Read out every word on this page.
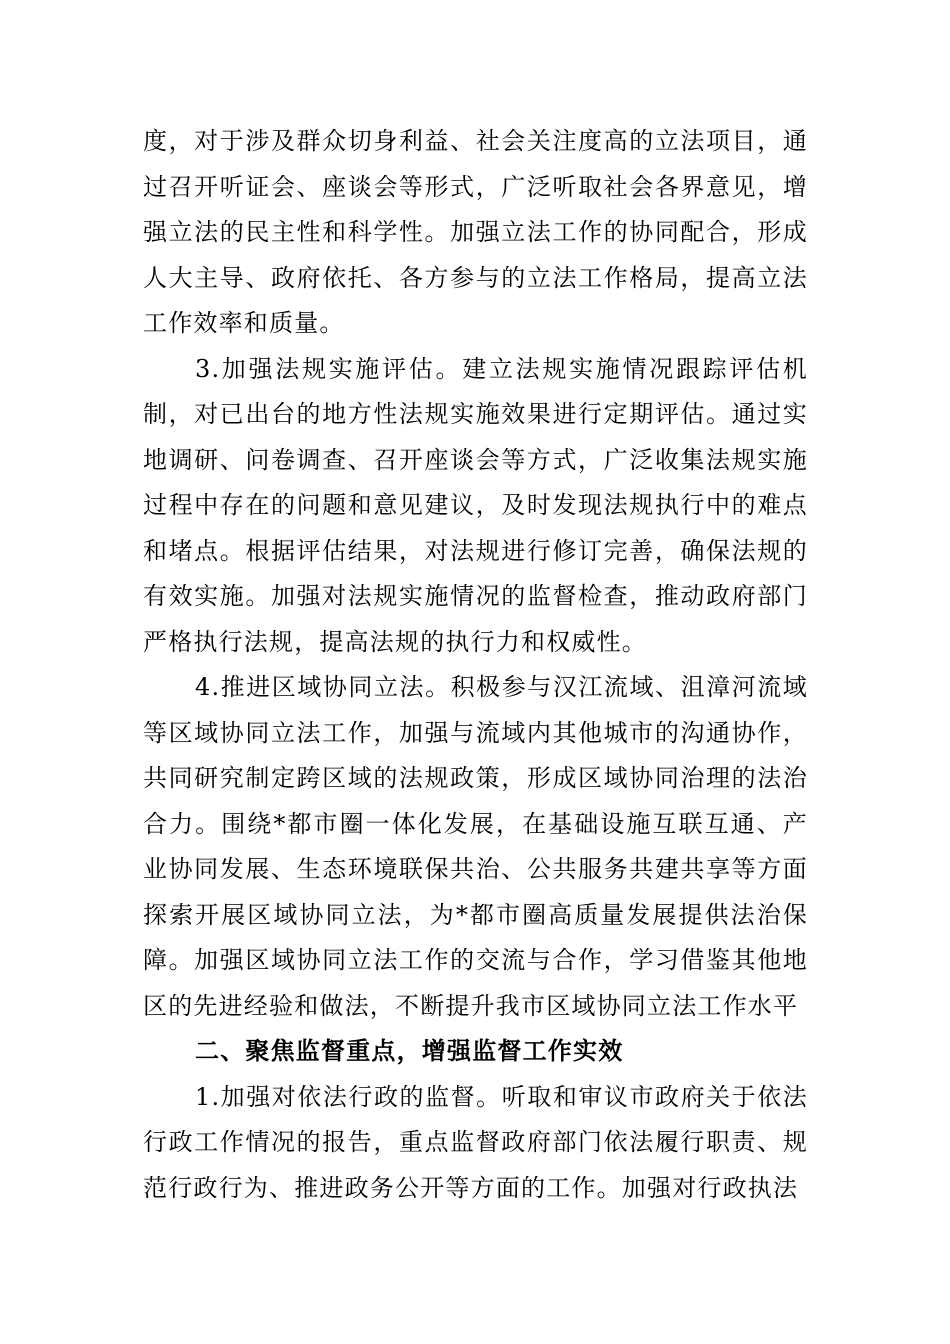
度，对于涉及群众切身利益、社会关注度高的立法项目，通过召开听证会、座谈会等形式，广泛听取社会各界意见，增强立法的民主性和科学性。加强立法工作的协同配合，形成人大主导、政府依托、各方参与的立法工作格局，提高立法工作效率和质量。

3.加强法规实施评估。建立法规实施情况跟踪评估机制，对已出台的地方性法规实施效果进行定期评估。通过实地调研、问卷调查、召开座谈会等方式，广泛收集法规实施过程中存在的问题和意见建议，及时发现法规执行中的难点和堵点。根据评估结果，对法规进行修订完善，确保法规的有效实施。加强对法规实施情况的监督检查，推动政府部门严格执行法规，提高法规的执行力和权威性。

4.推进区域协同立法。积极参与汉江流域、沮漳河流域等区域协同立法工作，加强与流域内其他城市的沟通协作，共同研究制定跨区域的法规政策，形成区域协同治理的法治合力。围绕*都市圈一体化发展，在基础设施互联互通、产业协同发展、生态环境联保共治、公共服务共建共享等方面探索开展区域协同立法，为*都市圈高质量发展提供法治保障。加强区域协同立法工作的交流与合作，学习借鉴其他地区的先进经验和做法，不断提升我市区域协同立法工作水平

二、聚焦监督重点，增强监督工作实效

1.加强对依法行政的监督。听取和审议市政府关于依法行政工作情况的报告，重点监督政府部门依法履行职责、规范行政行为、推进政务公开等方面的工作。加强对行政执法
